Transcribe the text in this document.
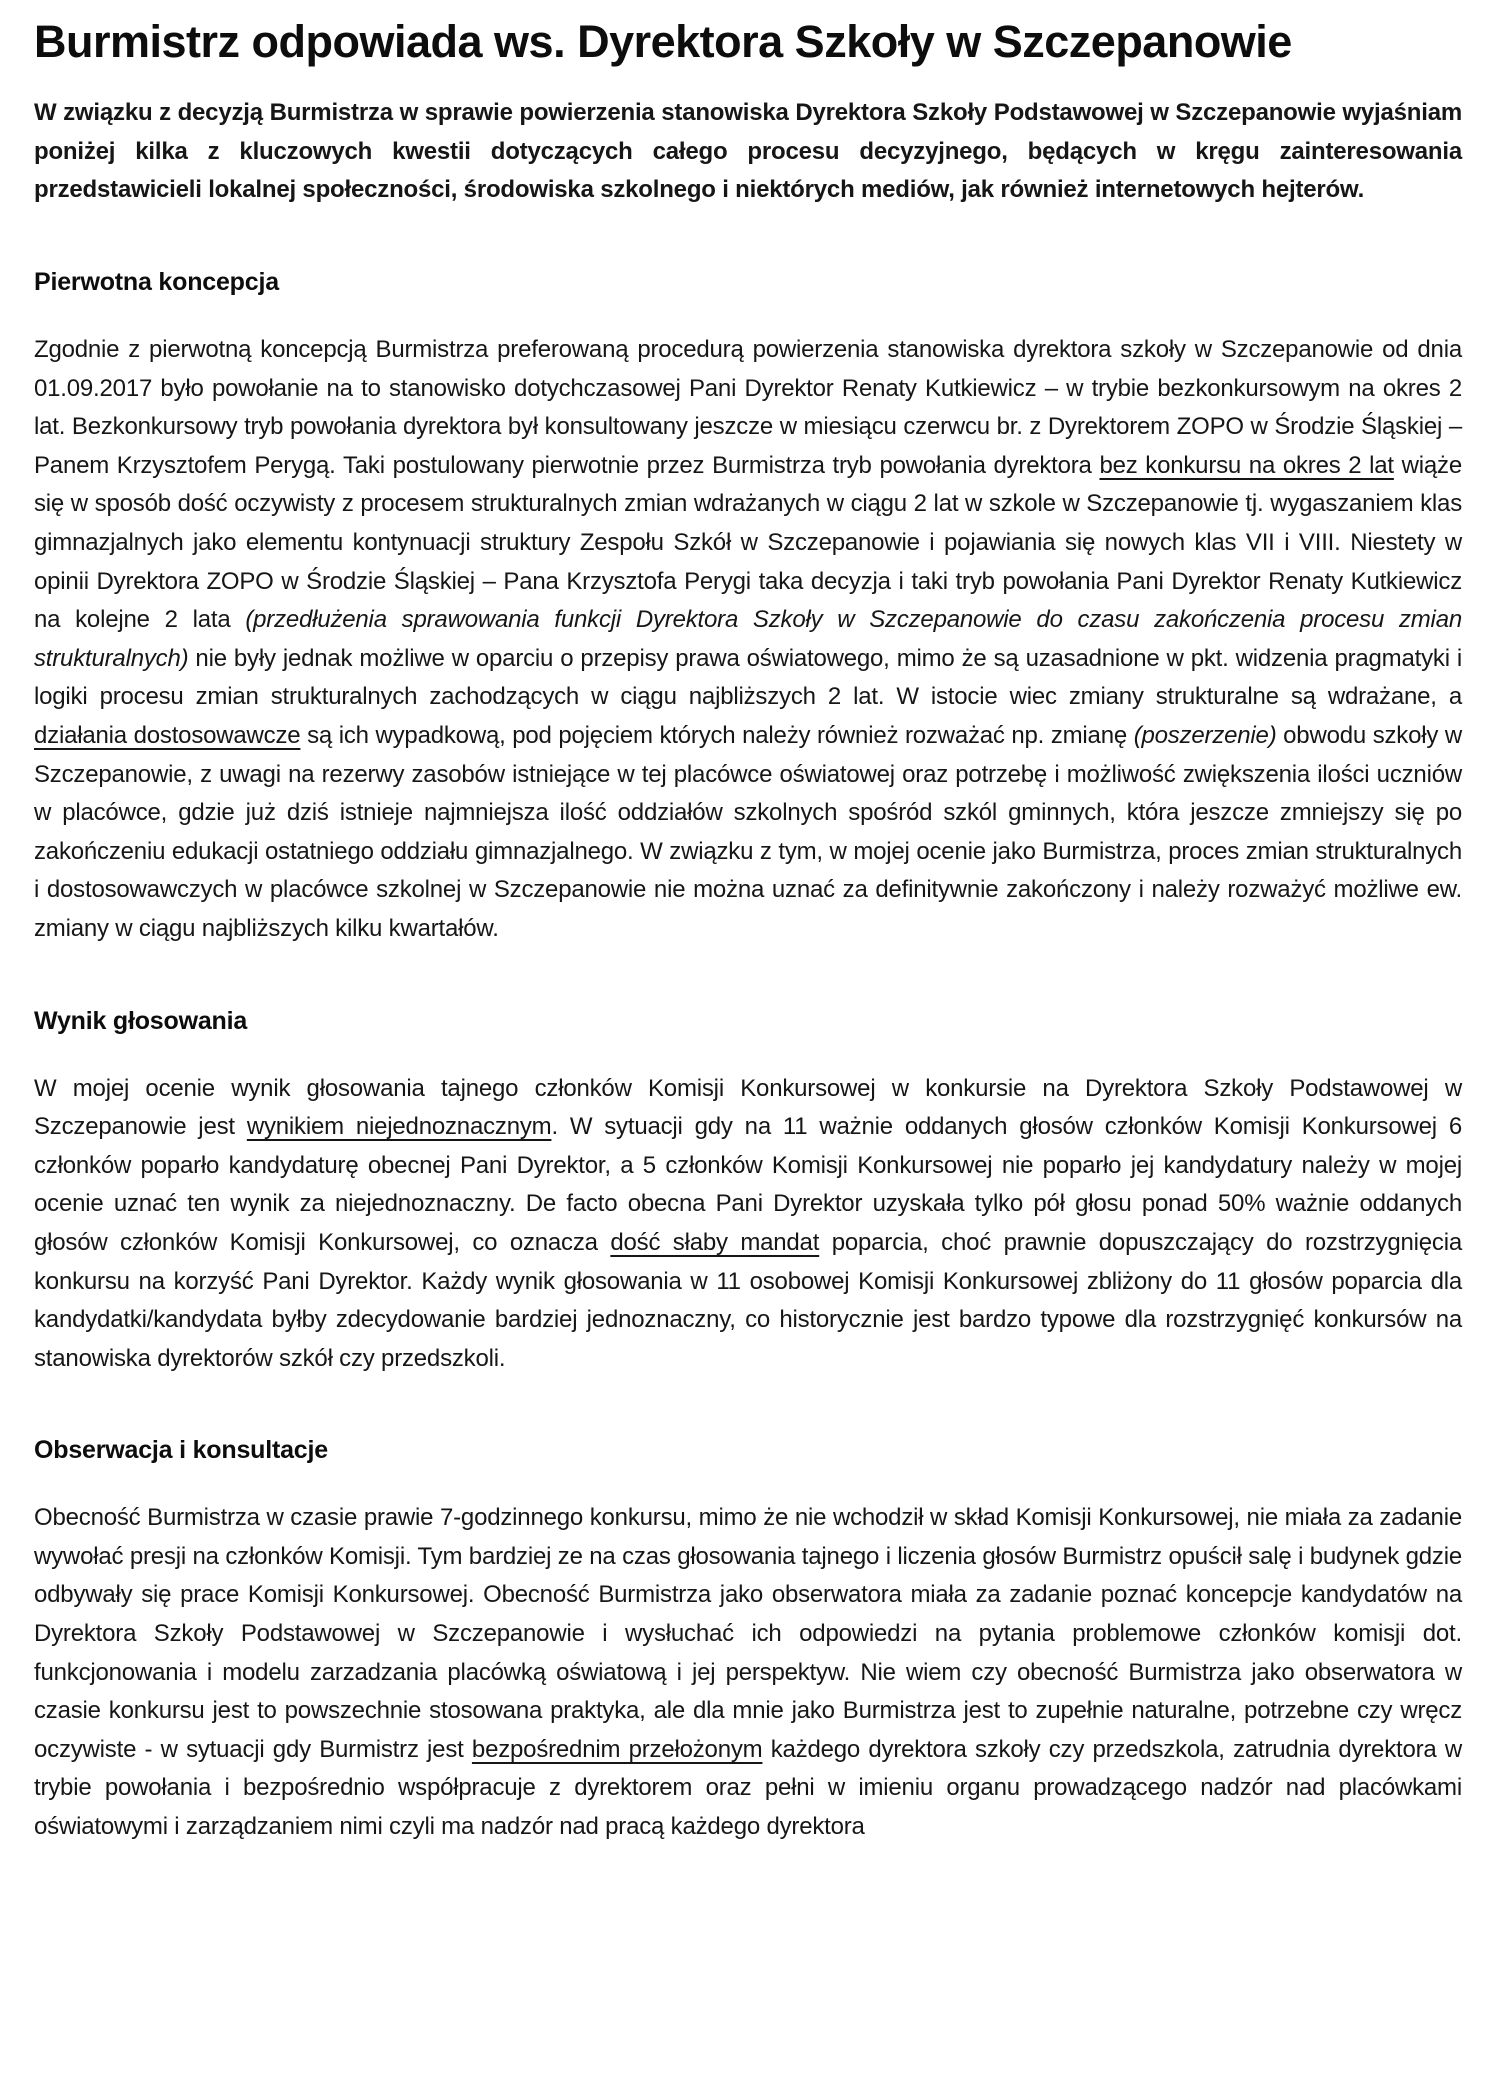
Burmistrz odpowiada ws. Dyrektora Szkoły w Szczepanowie

W związku z decyzją Burmistrza w sprawie powierzenia stanowiska Dyrektora Szkoły Podstawowej w Szczepanowie wyjaśniam poniżej kilka z kluczowych kwestii dotyczących całego procesu decyzyjnego, będących w kręgu zainteresowania przedstawicieli lokalnej społeczności, środowiska szkolnego i niektórych mediów, jak również internetowych hejterów.

Pierwotna koncepcja

Zgodnie z pierwotną koncepcją Burmistrza preferowaną procedurą powierzenia stanowiska dyrektora szkoły w Szczepanowie od dnia 01.09.2017 było powołanie na to stanowisko dotychczasowej Pani Dyrektor Renaty Kutkiewicz – w trybie bezkonkursowym na okres 2 lat. Bezkonkursowy tryb powołania dyrektora był konsultowany jeszcze w miesiącu czerwcu br. z Dyrektorem ZOPO w Środzie Śląskiej – Panem Krzysztofem Perygą. Taki postulowany pierwotnie przez Burmistrza tryb powołania dyrektora bez konkursu na okres 2 lat wiąże się w sposób dość oczywisty z procesem strukturalnych zmian wdrażanych w ciągu 2 lat w szkole w Szczepanowie tj. wygaszaniem klas gimnazjalnych jako elementu kontynuacji struktury Zespołu Szkół w Szczepanowie i pojawiania się nowych klas VII i VIII. Niestety w opinii Dyrektora ZOPO w Środzie Śląskiej – Pana Krzysztofa Perygi taka decyzja i taki tryb powołania Pani Dyrektor Renaty Kutkiewicz na kolejne 2 lata (przedłużenia sprawowania funkcji Dyrektora Szkoły w Szczepanowie do czasu zakończenia procesu zmian strukturalnych) nie były jednak możliwe w oparciu o przepisy prawa oświatowego, mimo że są uzasadnione w pkt. widzenia pragmatyki i logiki procesu zmian strukturalnych zachodzących w ciągu najbliższych 2 lat. W istocie wiec zmiany strukturalne są wdrażane, a działania dostosowawcze są ich wypadkową, pod pojęciem których należy również rozważać np. zmianę (poszerzenie) obwodu szkoły w Szczepanowie, z uwagi na rezerwy zasobów istniejące w tej placówce oświatowej oraz potrzebę i możliwość zwiększenia ilości uczniów w placówce, gdzie już dziś istnieje najmniejsza ilość oddziałów szkolnych spośród szkól gminnych, która jeszcze zmniejszy się po zakończeniu edukacji ostatniego oddziału gimnazjalnego. W związku z tym, w mojej ocenie jako Burmistrza, proces zmian strukturalnych i dostosowawczych w placówce szkolnej w Szczepanowie nie można uznać za definitywnie zakończony i należy rozważyć możliwe ew. zmiany w ciągu najbliższych kilku kwartałów.

Wynik głosowania

W mojej ocenie wynik głosowania tajnego członków Komisji Konkursowej w konkursie na Dyrektora Szkoły Podstawowej w Szczepanowie jest wynikiem niejednoznacznym. W sytuacji gdy na 11 ważnie oddanych głosów członków Komisji Konkursowej 6 członków poparło kandydaturę obecnej Pani Dyrektor, a 5 członków Komisji Konkursowej nie poparło jej kandydatury należy w mojej ocenie uznać ten wynik za niejednoznaczny. De facto obecna Pani Dyrektor uzyskała tylko pół głosu ponad 50% ważnie oddanych głosów członków Komisji Konkursowej, co oznacza dość słaby mandat poparcia, choć prawnie dopuszczający do rozstrzygnięcia konkursu na korzyść Pani Dyrektor. Każdy wynik głosowania w 11 osobowej Komisji Konkursowej zbliżony do 11 głosów poparcia dla kandydatki/kandydata byłby zdecydowanie bardziej jednoznaczny, co historycznie jest bardzo typowe dla rozstrzygnięć konkursów na stanowiska dyrektorów szkół czy przedszkoli.

Obserwacja i konsultacje

Obecność Burmistrza w czasie prawie 7-godzinnego konkursu, mimo że nie wchodził w skład Komisji Konkursowej, nie miała za zadanie wywołać presji na członków Komisji. Tym bardziej ze na czas głosowania tajnego i liczenia głosów Burmistrz opuścił salę i budynek gdzie odbywały się prace Komisji Konkursowej. Obecność Burmistrza jako obserwatora miała za zadanie poznać koncepcje kandydatów na Dyrektora Szkoły Podstawowej w Szczepanowie i wysłuchać ich odpowiedzi na pytania problemowe członków komisji dot. funkcjonowania i modelu zarzadzania placówką oświatową i jej perspektyw. Nie wiem czy obecność Burmistrza jako obserwatora w czasie konkursu jest to powszechnie stosowana praktyka, ale dla mnie jako Burmistrza jest to zupełnie naturalne, potrzebne czy wręcz oczywiste - w sytuacji gdy Burmistrz jest bezpośrednim przełożonym każdego dyrektora szkoły czy przedszkola, zatrudnia dyrektora w trybie powołania i bezpośrednio współpracuje z dyrektorem oraz pełni w imieniu organu prowadzącego nadzór nad placówkami oświatowymi i zarządzaniem nimi czyli ma nadzór nad pracą każdego dyrektora
